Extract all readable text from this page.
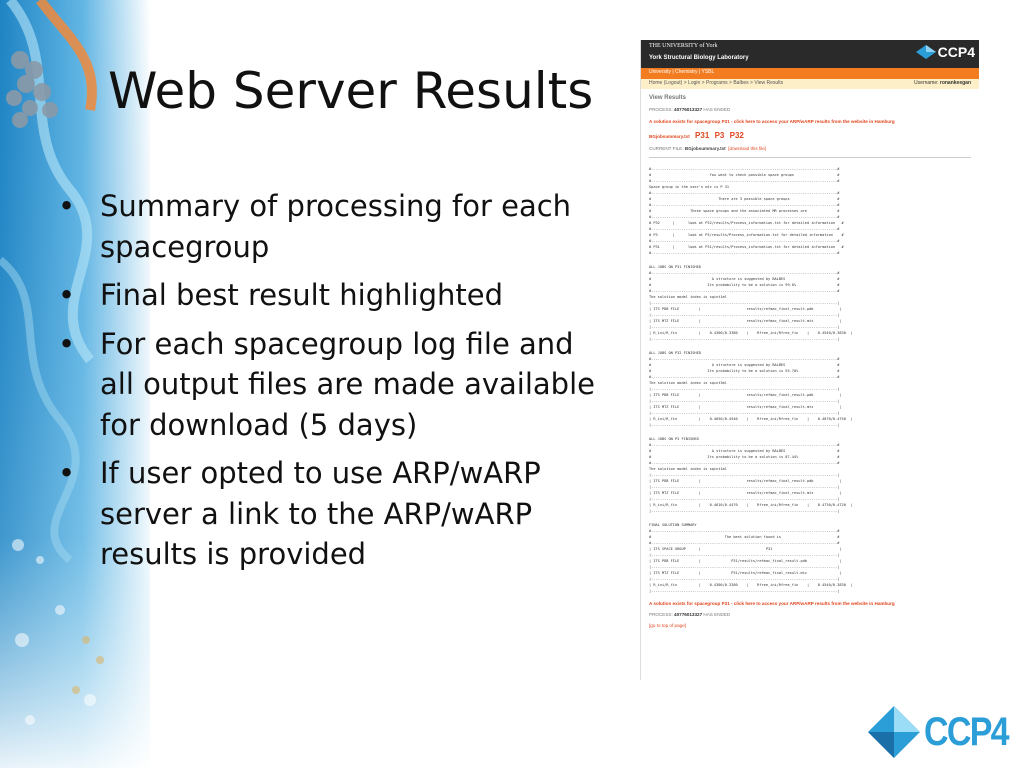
Web Server Results
• Summary of processing for each
spacegroup
• Final best result highlighted
• For each spacegroup log file and
all output files are made available
for download (5 days)
• If user opted to use ARP/wARP
server a link to the ARP/wARP
results is provided
THE UNIVERSITY of York
York Structural Biology Laboratory	CCP4
University | Chemistry | YSBL
Home (Logout) > Login > Programs > Balbes > View Results	Username: ronankeegan
View Results
PROCESS: 40776013327 HAS ENDED
A solution exists for spacegroup P31 - click here to access your ARP/wARP results from the website in Hamburg
BGjobsummary.txt P31 P3 P32
CURRENT FILE: BGjobsummary.txt [download this file]
#--------------------------------------------------------------------------------------#
#                           You want to check possible space groups                    #
#--------------------------------------------------------------------------------------#
Space group in the user's mtz is P 31
#--------------------------------------------------------------------------------------#
#                               There are 3 possible space groups                      #
#--------------------------------------------------------------------------------------#
#                  These space groups and the associated MR processes are              #
#--------------------------------------------------------------------------------------#
# P32      |      look at P32/results/Process_information.txt for detailed information   #
#--------------------------------------------------------------------------------------#
# P3       |      look at P3/results/Process_information.txt for detailed information    #
#--------------------------------------------------------------------------------------#
# P31      |      look at P31/results/Process_information.txt for detailed information   #
#--------------------------------------------------------------------------------------#
ALL JOBS ON P31 FINISHED
#--------------------------------------------------------------------------------------#
#                            A structure is suggested by BALBES                        #
#                          Its probability to be a solution is 99.0%                   #
#--------------------------------------------------------------------------------------#
The solution model index is sqint1ml
|--------------------------------------------------------------------------------------|
| ITS PDB FILE         |                     results/refmac_final_result.pdb            |
|--------------------------------------------------------------------------------------|
| ITS MTZ FILE         |                     results/refmac_final_result.mtz            |
|--------------------------------------------------------------------------------------|
| R_ini/R_fin          |    0.4300/0.3380    |    Rfree_ini/Rfree_fin    |    0.4540/0.3830  |
|--------------------------------------------------------------------------------------|
ALL JOBS ON P32 FINISHED
#--------------------------------------------------------------------------------------#
#                            A structure is suggested by BALBES                        #
#                          Its probability to be a solution is 55.70%                  #
#--------------------------------------------------------------------------------------#
The solution model index is sqint3ml
|--------------------------------------------------------------------------------------|
| ITS PDB FILE         |                     results/refmac_final_result.pdb            |
|--------------------------------------------------------------------------------------|
| ITS MTZ FILE         |                     results/refmac_final_result.mtz            |
|--------------------------------------------------------------------------------------|
| R_ini/R_fin          |    0.4650/0.4540    |    Rfree_ini/Rfree_fin    |    0.4870/0.4750  |
|--------------------------------------------------------------------------------------|
ALL JOBS ON P3 FINISHED
#--------------------------------------------------------------------------------------#
#                            A structure is suggested by BALBES                        #
#                          Its probability to be a solution is 87.44%                  #
#--------------------------------------------------------------------------------------#
The solution model index is sqint1ml
|--------------------------------------------------------------------------------------|
| ITS PDB FILE         |                     results/refmac_final_result.pdb            |
|--------------------------------------------------------------------------------------|
| ITS MTZ FILE         |                     results/refmac_final_result.mtz            |
|--------------------------------------------------------------------------------------|
| R_ini/R_fin          |    0.4610/0.4470    |    Rfree_ini/Rfree_fin    |    0.4730/0.4720  |
|--------------------------------------------------------------------------------------|
FINAL SOLUTION SUMMARY
#--------------------------------------------------------------------------------------#
#                                  The best solution found is                          #
#--------------------------------------------------------------------------------------#
| ITS SPACE GROUP      |                              P31                               |
|--------------------------------------------------------------------------------------|
| ITS PDB FILE         |              P31/results/refmac_final_result.pdb               |
|--------------------------------------------------------------------------------------|
| ITS MTZ FILE         |              P31/results/refmac_final_result.mtz               |
|--------------------------------------------------------------------------------------|
| R_ini/R_fin          |    0.4300/0.3380    |    Rfree_ini/Rfree_fin    |    0.4540/0.3830  |
|--------------------------------------------------------------------------------------|
A solution exists for spacegroup P31 - click here to access your ARP/wARP results from the website in Hamburg
PROCESS: 40776013327 HAS ENDED
[go to top of page]
CCP4
